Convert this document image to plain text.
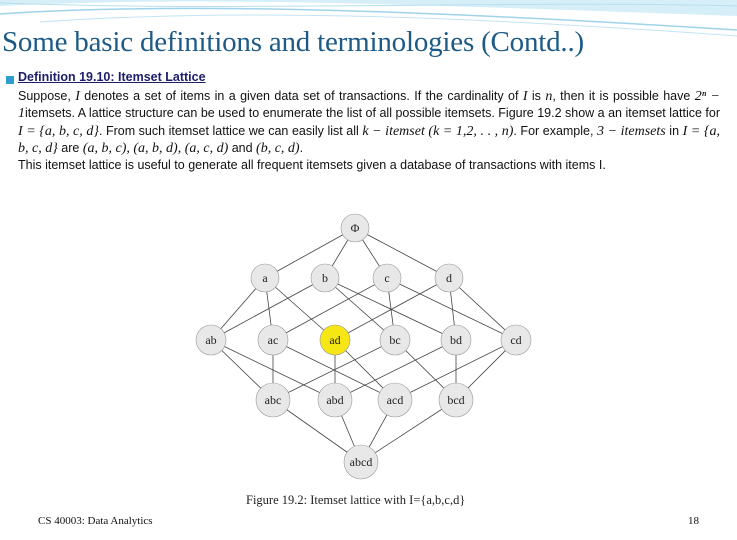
Some basic definitions and terminologies (Contd..)
Definition 19.10: Itemset Lattice

Suppose, I denotes a set of items in a given data set of transactions. If the cardinality of I is n, then it is possible have 2ⁿ − 1itemsets. A lattice structure can be used to enumerate the list of all possible itemsets. Figure 19.2 show a an itemset lattice for I = {a, b, c, d}. From such itemset lattice we can easily list all k − itemset (k = 1,2, . . , n). For example, 3 − itemsets in I = {a, b, c, d} are (a, b, c), (a, b, d), (a, c, d) and (b, c, d).

This itemset lattice is useful to generate all frequent itemsets given a database of transactions with items I.

Φ
a	b	c	d
ab	ac	ad	bc	bd	cd
abc	abd	acd	bcd
abcd
Figure 19.2: Itemset lattice with I={a,b,c,d}
CS 40003: Data Analytics	18
